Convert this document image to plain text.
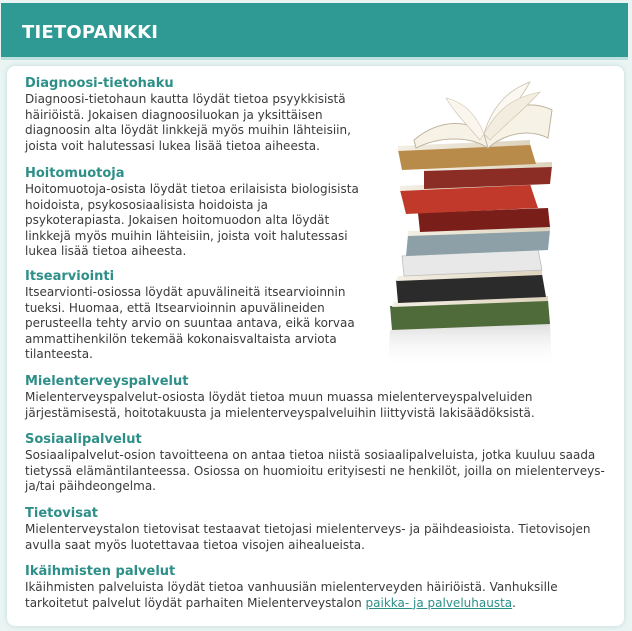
TIETOPANKKI
Diagnoosi-tietohaku

Diagnoosi-tietohaun kautta löydät tietoa psyykkisistä häiriöistä. Jokaisen diagnoosiluokan ja yksittäisen diagnoosin alta löydät linkkejä myös muihin lähteisiin, joista voit halutessasi lukea lisää tietoa aiheesta.

Hoitomuotoja

Hoitomuotoja-osista löydät tietoa erilaisista biologisista hoidoista, psykososiaalisista hoidoista ja psykoterapiasta. Jokaisen hoitomuodon alta löydät linkkejä myös muihin lähteisiin, joista voit halutessasi lukea lisää tietoa aiheesta.

Itsearviointi

Itsearvionti-osiossa löydät apuvälineitä itsearvioinnin tueksi. Huomaa, että Itsearvioinnin apuvälineiden perusteella tehty arvio on suuntaa antava, eikä korvaa ammattihenkilön tekemää kokonaisvaltaista arviota tilanteesta.

Mielenterveyspalvelut

Mielenterveyspalvelut-osiosta löydät tietoa muun muassa mielenterveyspalveluiden järjestämisestä, hoitotakuusta ja mielenterveyspalveluihin liittyvistä lakisäädöksistä.

Sosiaalipalvelut

Sosiaalipalvelut-osion tavoitteena on antaa tietoa niistä sosiaalipalveluista, jotka kuuluu saada tietyssä elämäntilanteessa. Osiossa on huomioitu erityisesti ne henkilöt, joilla on mielenterveys- ja/tai päihdeongelma.

Tietovisat

Mielenterveystalon tietovisat testaavat tietojasi mielenterveys- ja päihdeasioista. Tietovisojen avulla saat myös luotettavaa tietoa visojen aihealueista.

Ikäihmisten palvelut

Ikäihmisten palveluista löydät tietoa vanhuusiän mielenterveyden häiriöistä. Vanhuksille tarkoitetut palvelut löydät parhaiten Mielenterveystalon paikka- ja palveluhausta.
